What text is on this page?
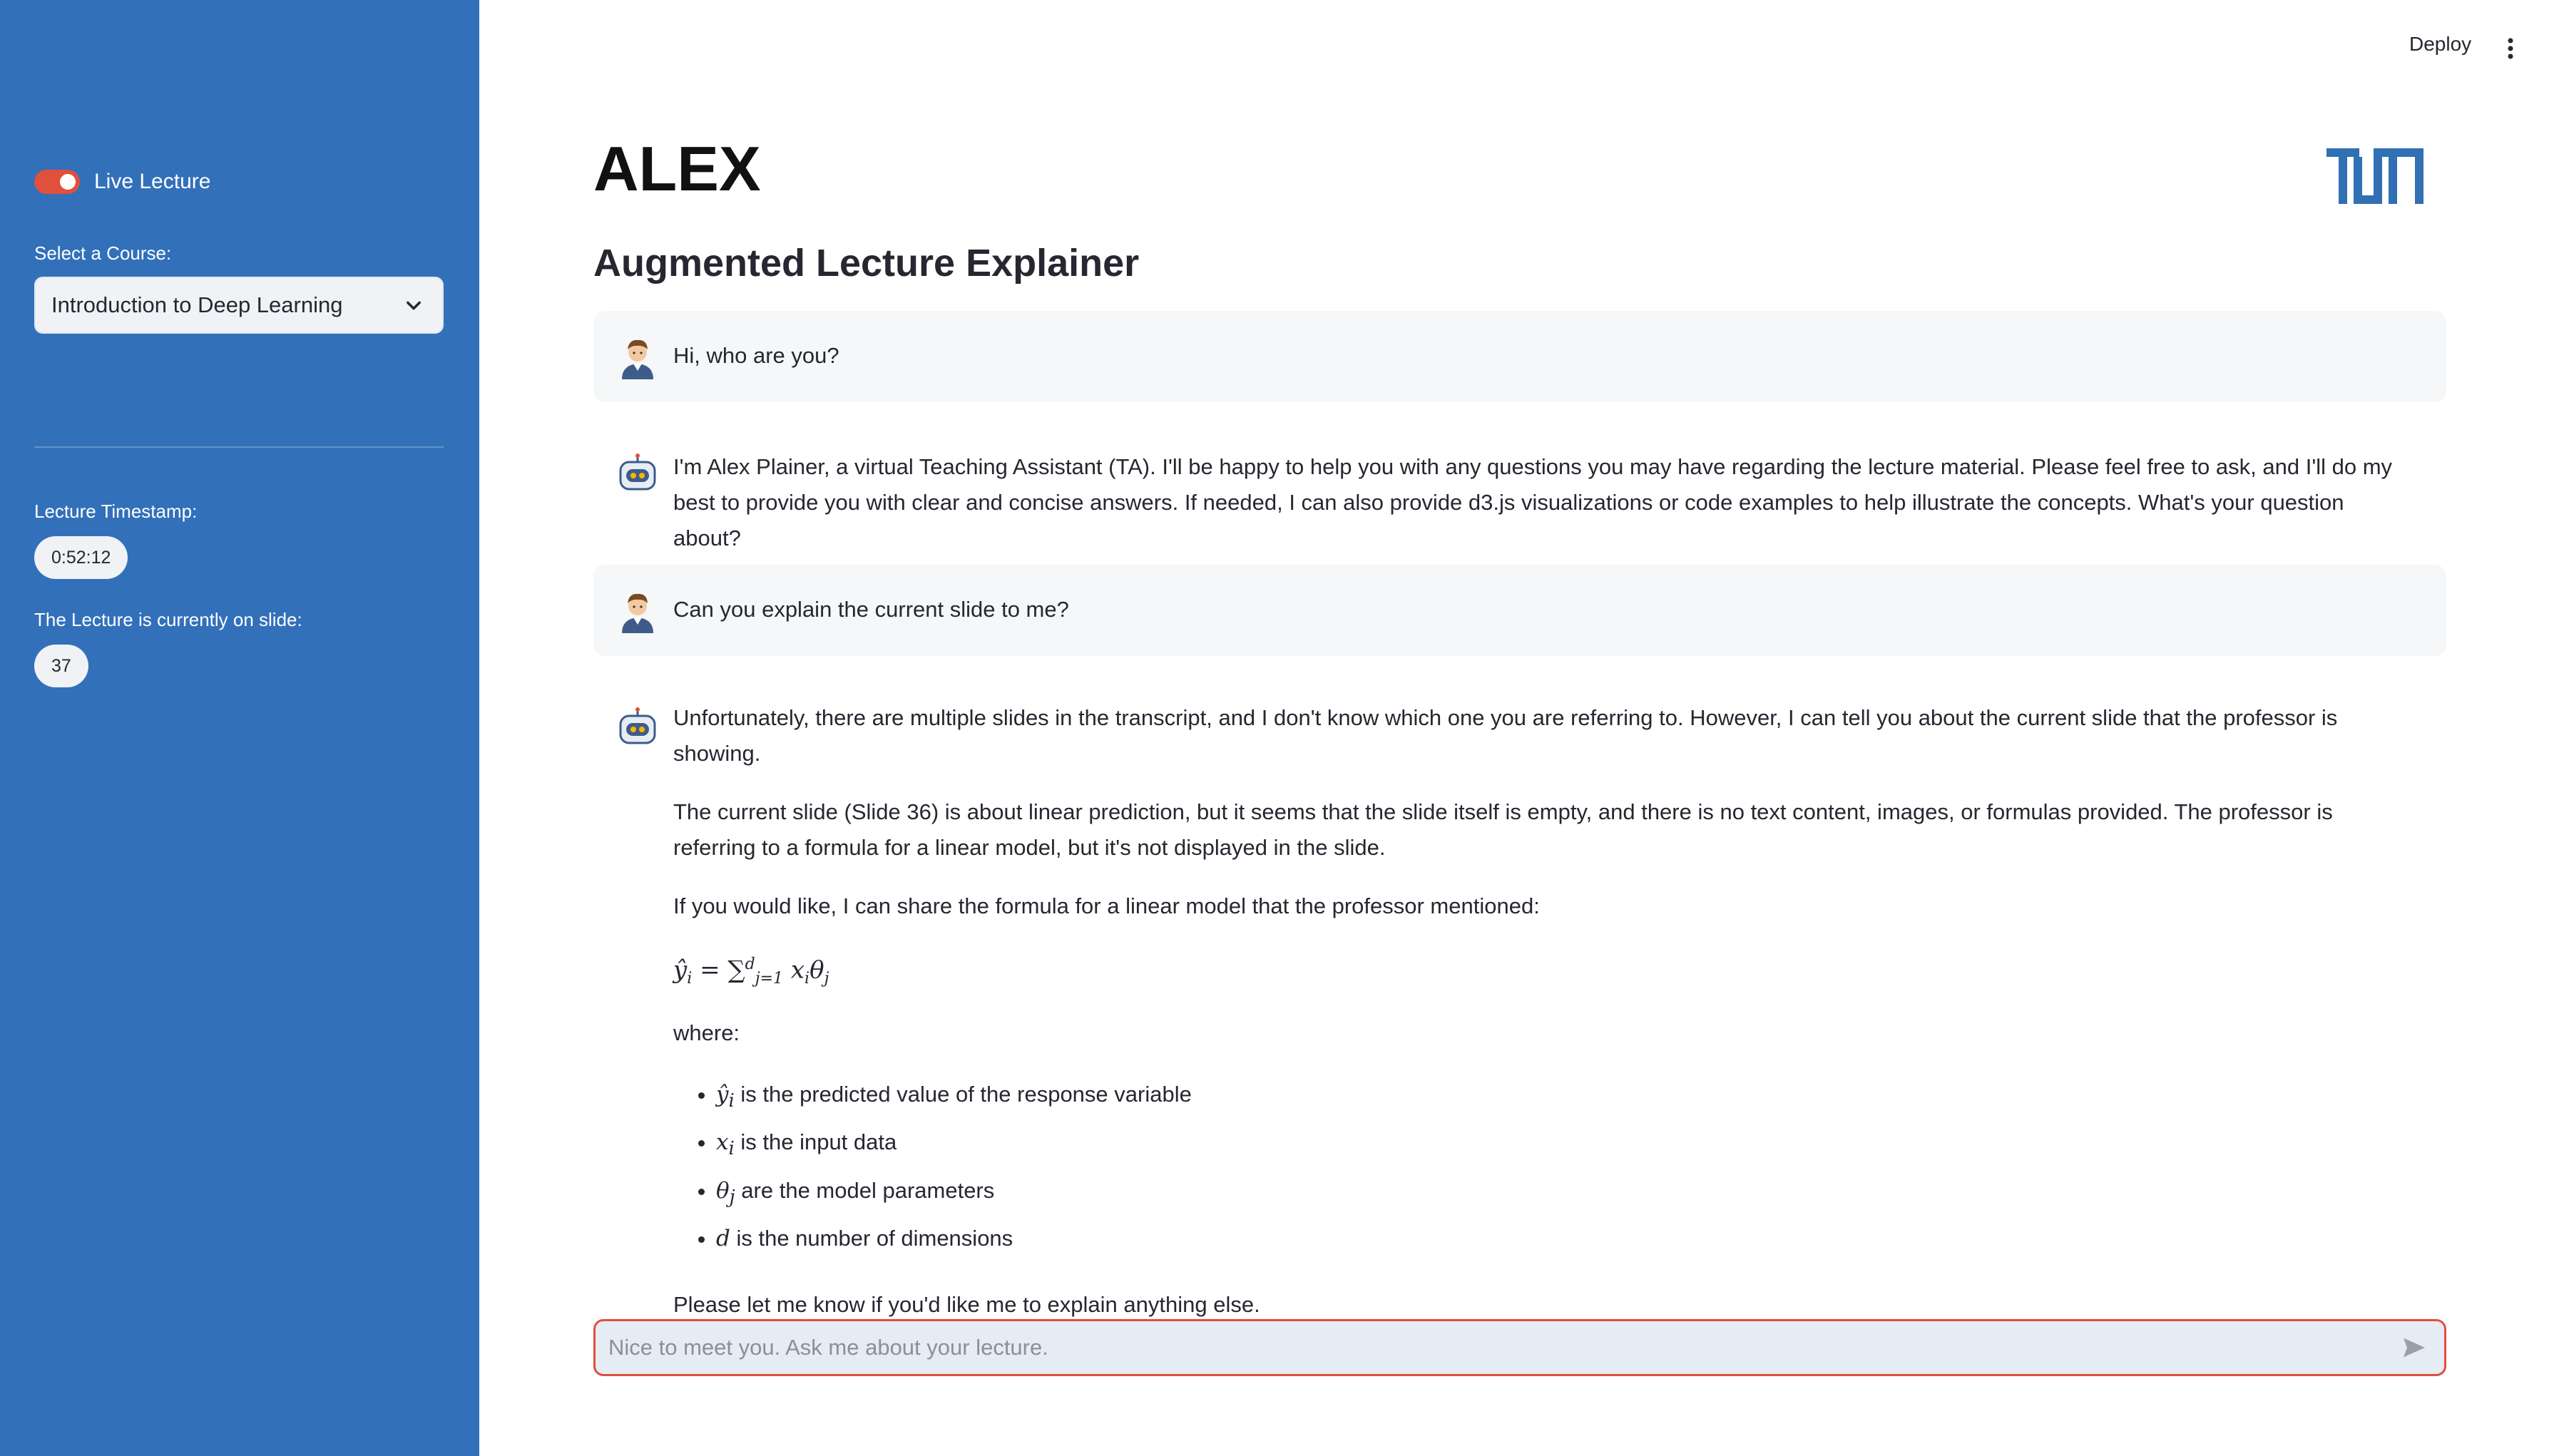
Live Lecture
Select a Course:
Introduction to Deep Learning
Lecture Timestamp:
0:52:12
The Lecture is currently on slide:
37
Deploy
ALEX
Augmented Lecture Explainer
Hi, who are you?
I'm Alex Plainer, a virtual Teaching Assistant (TA). I'll be happy to help you with any questions you may have regarding the lecture material. Please feel free to ask, and I'll do my best to provide you with clear and concise answers. If needed, I can also provide d3.js visualizations or code examples to help illustrate the concepts. What's your question about?
Can you explain the current slide to me?

Unfortunately, there are multiple slides in the transcript, and I don't know which one you are referring to. However, I can tell you about the current slide that the professor is showing.

The current slide (Slide 36) is about linear prediction, but it seems that the slide itself is empty, and there is no text content, images, or formulas provided. The professor is referring to a formula for a linear model, but it's not displayed in the slide.

If you would like, I can share the formula for a linear model that the professor mentioned:

$ŷ_i = \sum^d_{j=1}$ $x_i\theta_j$

where:

• $ŷ_i$ is the predicted value of the response variable
• $x_i$ is the input data
• $\theta_j$ are the model parameters
• d is the number of dimensions

Please let me know if you'd like me to explain anything else.

Nice to meet you. Ask me about your lecture.
